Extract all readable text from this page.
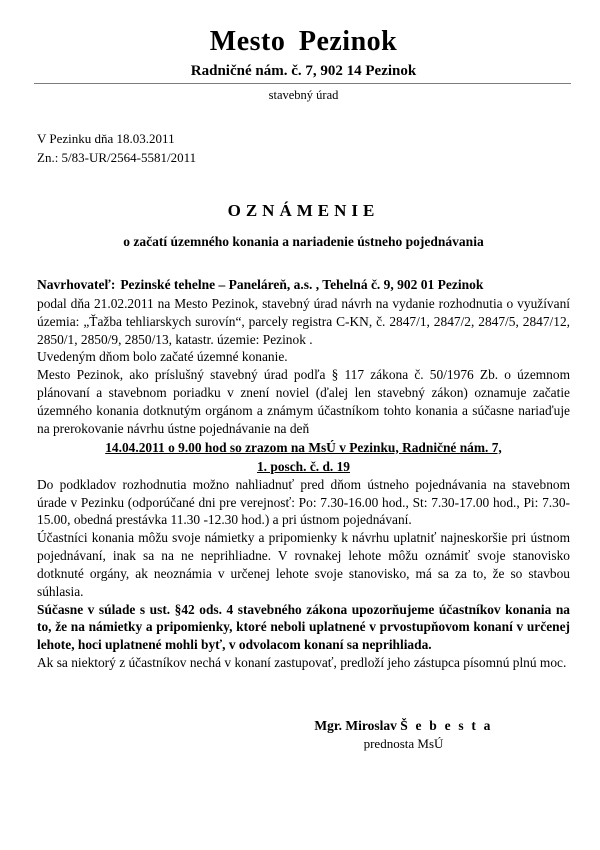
Mesto Pezinok
Radničné nám. č. 7, 902 14 Pezinok
stavebný úrad
V Pezinku dňa 18.03.2011
Zn.: 5/83-UR/2564-5581/2011
OZNÁMENIE
o začatí územného konania a nariadenie ústneho pojednávania
Navrhovateľ: Pezinské tehelne – Paneláreň, a.s. , Tehelná č. 9, 902 01 Pezinok

podal dňa 21.02.2011 na Mesto Pezinok, stavebný úrad návrh na vydanie rozhodnutia o využívaní územia: „Ťažba tehliarskych surovín“, parcely registra C-KN, č. 2847/1, 2847/2, 2847/5, 2847/12, 2850/1, 2850/9, 2850/13, katastr. územie: Pezinok .

Uvedeným dňom bolo začaté územné konanie.

Mesto Pezinok, ako príslušný stavebný úrad podľa § 117 zákona č. 50/1976 Zb. o územnom plánovaní a stavebnom poriadku v znení noviel (ďalej len stavebný zákon) oznamuje začatie územného konania dotknutým orgánom a známym účastníkom tohto konania a súčasne nariaďuje na prerokovanie návrhu ústne pojednávanie na deň

14.04.2011 o 9.00 hod so zrazom na MsÚ v Pezinku, Radničné nám. 7,
1. posch. č. d. 19

Do podkladov rozhodnutia možno nahliadnuť pred dňom ústneho pojednávania na stavebnom úrade v Pezinku (odporúčané dni pre verejnosť: Po: 7.30-16.00 hod., St: 7.30-17.00 hod., Pi: 7.30-15.00, obedná prestávka 11.30 -12.30 hod.) a pri ústnom pojednávaní.

Účastníci konania môžu svoje námietky a pripomienky k návrhu uplatniť najneskoršie pri ústnom pojednávaní, inak sa na ne neprihliadne. V rovnakej lehote môžu oznámiť svoje stanovisko dotknuté orgány, ak neoznámia v určenej lehote svoje stanovisko, má sa za to, že so stavbou súhlasia.

Súčasne v súlade s ust. §42 ods. 4 stavebného zákona upozorňujeme účastníkov konania na to, že na námietky a pripomienky, ktoré neboli uplatnené v prvostupňovom konaní v určenej lehote, hoci uplatnené mohli byť, v odvolacom konaní sa neprihliada.

Ak sa niektorý z účastníkov nechá v konaní zastupovať, predloží jeho zástupca písomnú plnú moc.

Mgr. Miroslav Š e b e s t a
prednosta MsÚ
